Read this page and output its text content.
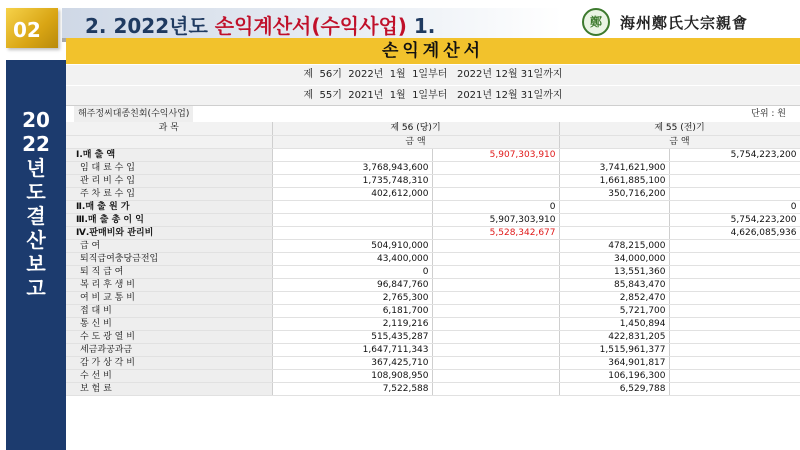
02 2. 2022년도 손익계산서(수익사업) 1.	鄭	海州鄭氏大宗親會
20
22
년
도
결
산
보
고
손익계산서
제  56기  2022년  1월  1일부터   2022년 12월 31일까지
제  55기  2021년  1월  1일부터   2021년 12월 31일까지
해주정씨대종친회(수익사업)	단위 : 원
과 목	제 56 (당)기		제 55 (전)기	
	금 액		금 액	
Ⅰ.매 출 액		5,907,303,910		5,754,223,200
임 대 료 수 입	3,768,943,600		3,741,621,900	
관 리 비 수 입	1,735,748,310		1,661,885,100	
주 차 료 수 입	402,612,000		350,716,200	
Ⅱ.매 출 원 가		0		0
Ⅲ.매 출 총 이 익		5,907,303,910		5,754,223,200
Ⅳ.판매비와 관리비		5,528,342,677		4,626,085,936
급 여	504,910,000		478,215,000	
퇴직급여충당금전입	43,400,000		34,000,000	
퇴 직 급 여	0		13,551,360	
복 리 후 생 비	96,847,760		85,843,470	
여 비 교 통 비	2,765,300		2,852,470	
접 대 비	6,181,700		5,721,700	
통 신 비	2,119,216		1,450,894	
수 도 광 열 비	515,435,287		422,831,205	
세금과공과금	1,647,711,343		1,515,961,377	
감 가 상 각 비	367,425,710		364,901,817	
수 선 비	108,908,950		106,196,300	
보 험 료	7,522,588		6,529,788	
